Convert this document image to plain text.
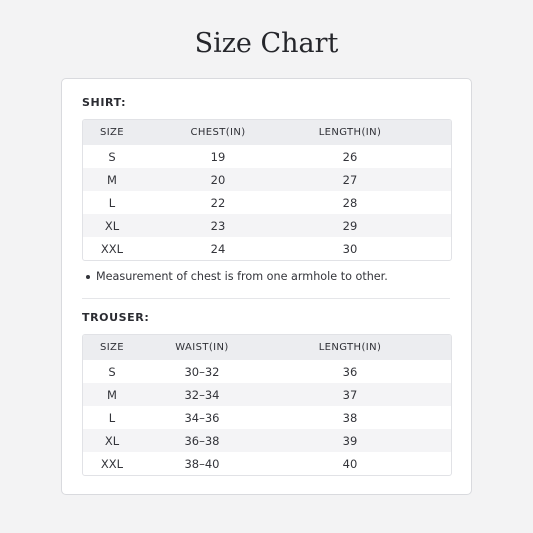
Size Chart
SHIRT:
SIZE	CHEST(IN)	LENGTH(IN)
S	19	26
M	20	27
L	22	28
XL	23	29
XXL	24	30
Measurement of chest is from one armhole to other.
TROUSER:
SIZE	WAIST(IN)	LENGTH(IN)
S	30–32	36
M	32–34	37
L	34–36	38
XL	36–38	39
XXL	38–40	40
